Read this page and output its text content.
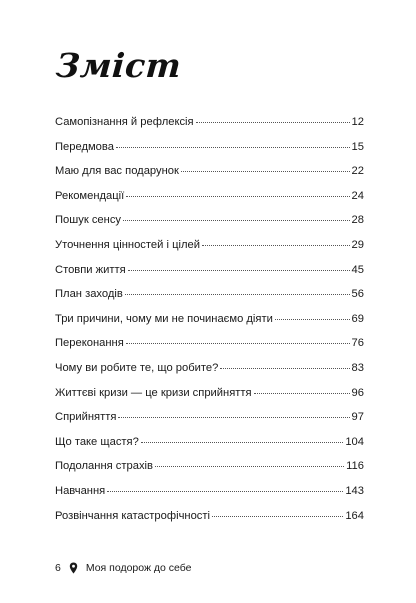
Зміст
Самопізнання й рефлексія	12
Передмова	15
Маю для вас подарунок	22
Рекомендації	24
Пошук сенсу	28
Уточнення цінностей і цілей	29
Стовпи життя	45
План заходів	56
Три причини, чому ми не починаємо діяти	69
Переконання	76
Чому ви робите те, що робите?	83
Життєві кризи — це кризи сприйняття	96
Сприйняття	97
Що таке щастя?	104
Подолання страхів	116
Навчання	143
Розвінчання катастрофічності	164
6 Моя подорож до себе
